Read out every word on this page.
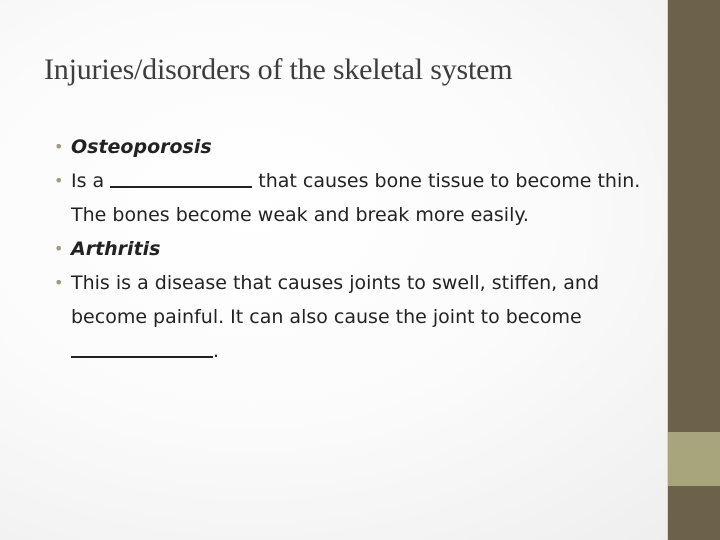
Injuries/disorders of the skeletal system
• Osteoporosis
• Is a	that causes bone tissue to become thin. The bones become weak and break more easily.
• Arthritis
• This is a disease that causes joints to swell, stiffen, and become painful. It can also cause the joint to become .
